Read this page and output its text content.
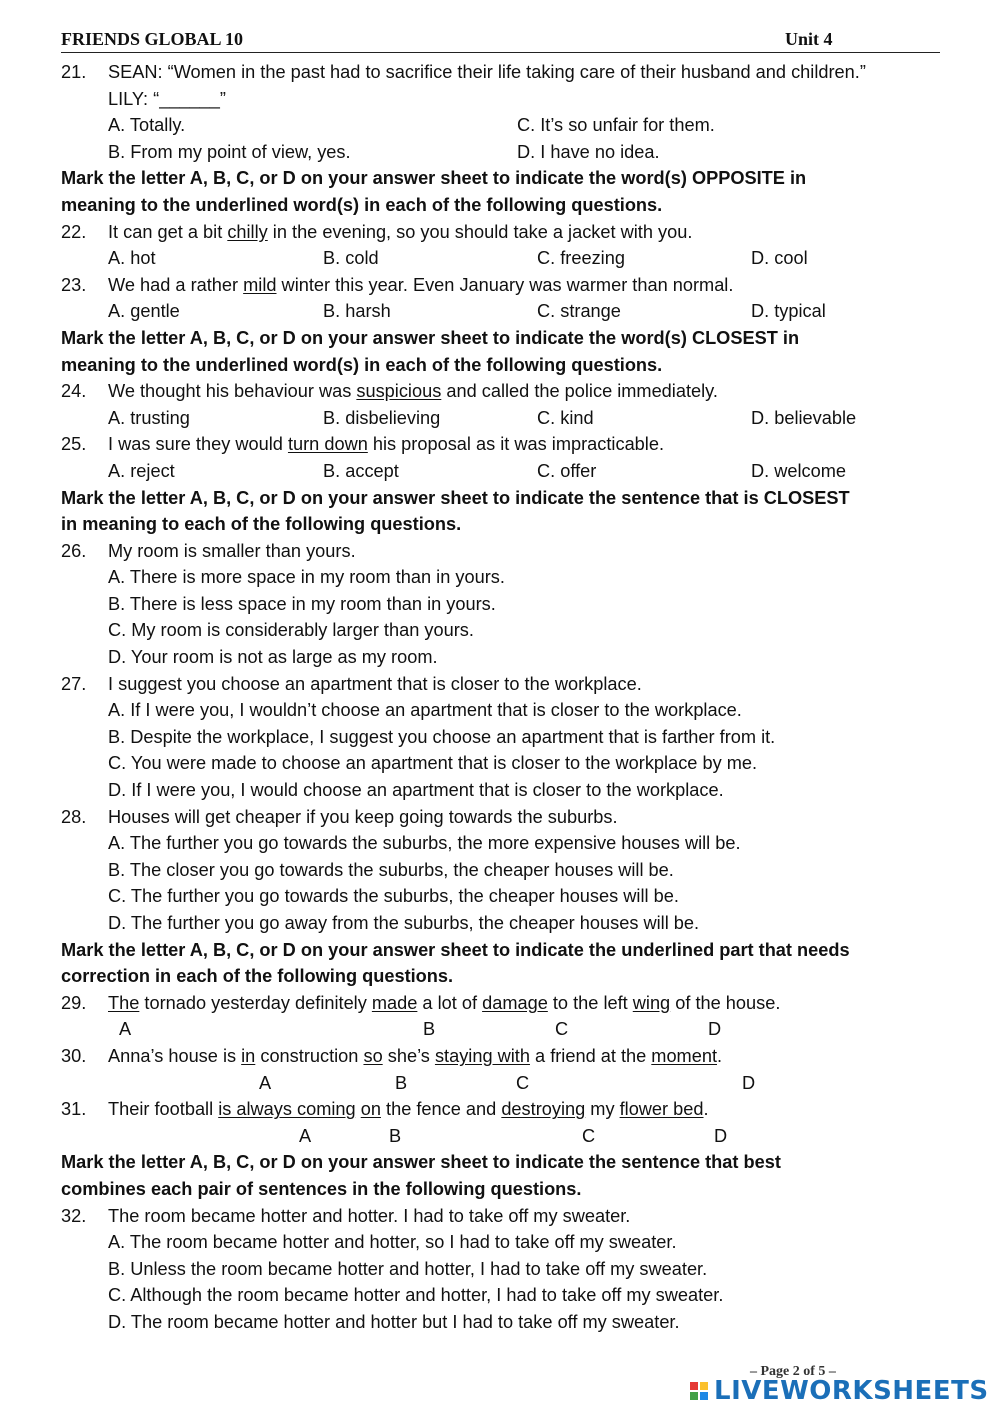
FRIENDS GLOBAL 10	Unit 4
21. SEAN: “Women in the past had to sacrifice their life taking care of their husband and children.”
LILY: “______”
A. Totally.	C. It’s so unfair for them.
B. From my point of view, yes.	D. I have no idea.
Mark the letter A, B, C, or D on your answer sheet to indicate the word(s) OPPOSITE in
meaning to the underlined word(s) in each of the following questions.
22. It can get a bit chilly in the evening, so you should take a jacket with you.
A. hot	B. cold	C. freezing	D. cool
23. We had a rather mild winter this year. Even January was warmer than normal.
A. gentle	B. harsh	C. strange	D. typical
Mark the letter A, B, C, or D on your answer sheet to indicate the word(s) CLOSEST in
meaning to the underlined word(s) in each of the following questions.
24. We thought his behaviour was suspicious and called the police immediately.
A. trusting	B. disbelieving	C. kind	D. believable
25. I was sure they would turn down his proposal as it was impracticable.
A. reject	B. accept	C. offer	D. welcome
Mark the letter A, B, C, or D on your answer sheet to indicate the sentence that is CLOSEST
in meaning to each of the following questions.
26. My room is smaller than yours.
A. There is more space in my room than in yours.
B. There is less space in my room than in yours.
C. My room is considerably larger than yours.
D. Your room is not as large as my room.
27. I suggest you choose an apartment that is closer to the workplace.
A. If I were you, I wouldn’t choose an apartment that is closer to the workplace.
B. Despite the workplace, I suggest you choose an apartment that is farther from it.
C. You were made to choose an apartment that is closer to the workplace by me.
D. If I were you, I would choose an apartment that is closer to the workplace.
28. Houses will get cheaper if you keep going towards the suburbs.
A. The further you go towards the suburbs, the more expensive houses will be.
B. The closer you go towards the suburbs, the cheaper houses will be.
C. The further you go towards the suburbs, the cheaper houses will be.
D. The further you go away from the suburbs, the cheaper houses will be.
Mark the letter A, B, C, or D on your answer sheet to indicate the underlined part that needs
correction in each of the following questions.
29. The tornado yesterday definitely made a lot of damage to the left wing of the house.
A	B	C	D
30. Anna’s house is in construction so she’s staying with a friend at the moment.
A	B	C	D
31. Their football is always coming on the fence and destroying my flower bed.
A	B	C	D
Mark the letter A, B, C, or D on your answer sheet to indicate the sentence that best
combines each pair of sentences in the following questions.
32. The room became hotter and hotter. I had to take off my sweater.
A. The room became hotter and hotter, so I had to take off my sweater.
B. Unless the room became hotter and hotter, I had to take off my sweater.
C. Although the room became hotter and hotter, I had to take off my sweater.
D. The room became hotter and hotter but I had to take off my sweater.
– Page 2 of 5 –
LIVEWORKSHEETS
